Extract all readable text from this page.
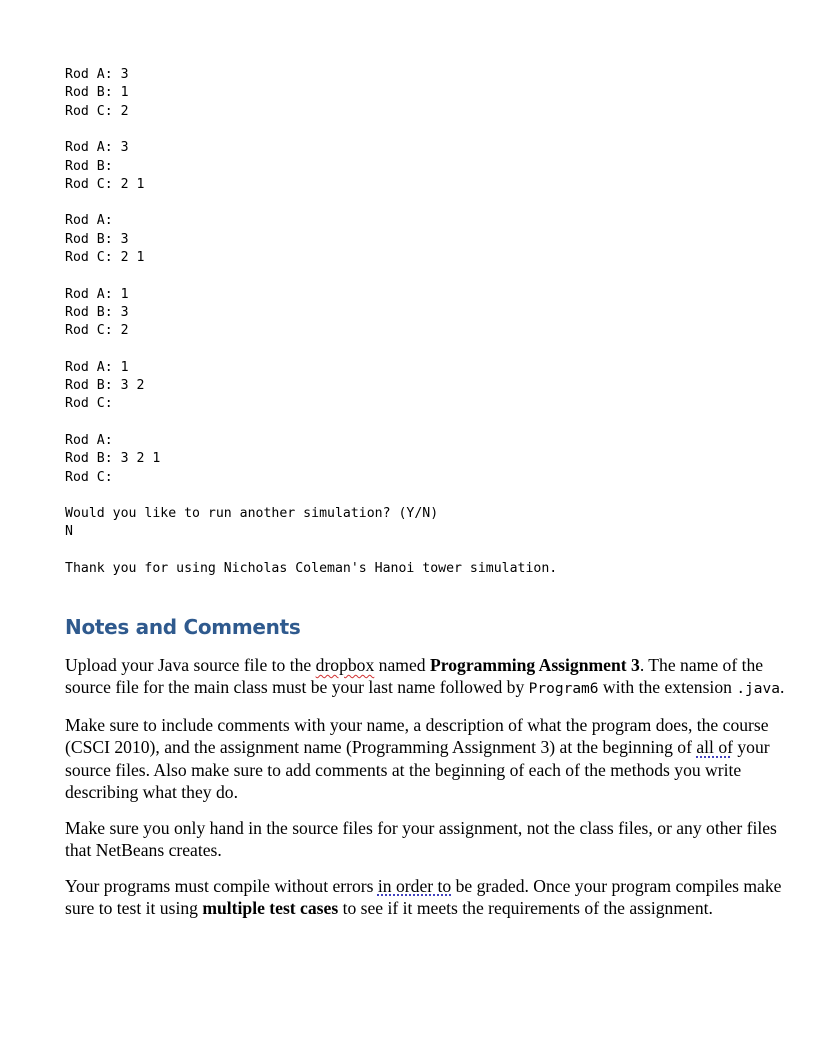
Rod A: 3
Rod B: 1
Rod C: 2
Rod A: 3
Rod B:
Rod C: 2 1
Rod A:
Rod B: 3
Rod C: 2 1
Rod A: 1
Rod B: 3
Rod C: 2
Rod A: 1
Rod B: 3 2
Rod C:
Rod A:
Rod B: 3 2 1
Rod C:
Would you like to run another simulation? (Y/N)
N
Thank you for using Nicholas Coleman's Hanoi tower simulation.
Notes and Comments

Upload your Java source file to the dropbox named Programming Assignment 3. The name of the source file for the main class must be your last name followed by Program6 with the extension .java.

Make sure to include comments with your name, a description of what the program does, the course (CSCI 2010), and the assignment name (Programming Assignment 3) at the beginning of all of your source files. Also make sure to add comments at the beginning of each of the methods you write describing what they do.

Make sure you only hand in the source files for your assignment, not the class files, or any other files that NetBeans creates.

Your programs must compile without errors in order to be graded. Once your program compiles make sure to test it using multiple test cases to see if it meets the requirements of the assignment.
